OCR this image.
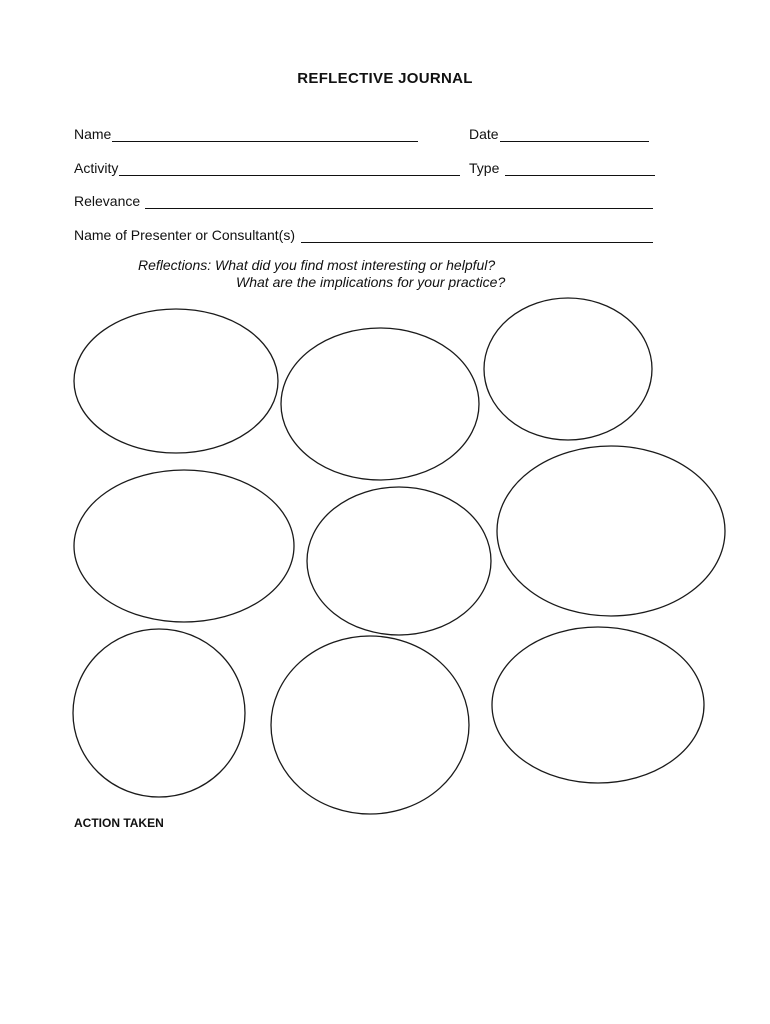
REFLECTIVE JOURNAL
Name	Date
Activity	Type
Relevance
Name of Presenter or Consultant(s)
Reflections: What did you find most interesting or helpful?
What are the implications for your practice?
ACTION TAKEN
